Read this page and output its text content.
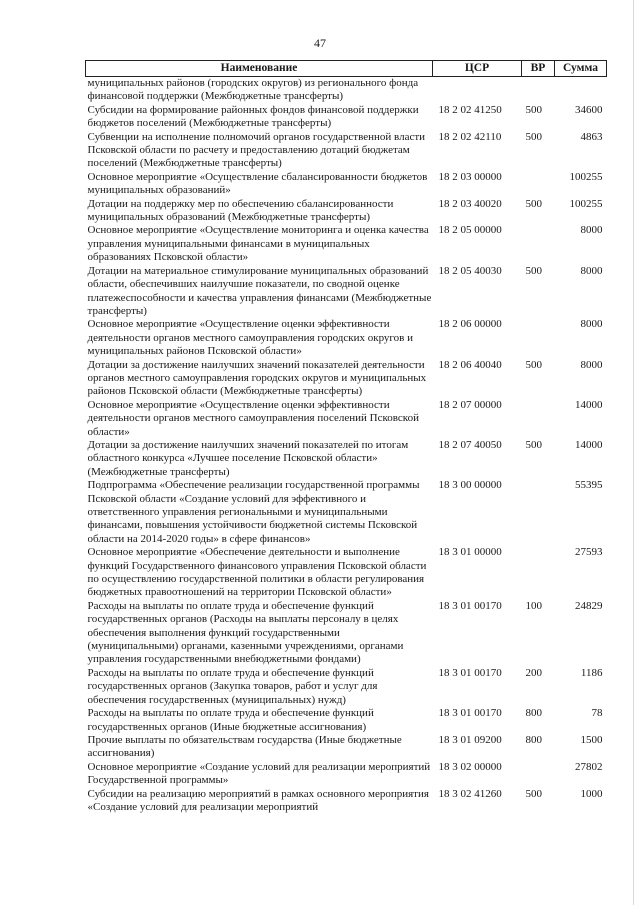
47
Наименование	ЦСР	ВР	Сумма
муниципальных районов (городских округов) из регионального фонда финансовой поддержки (Межбюджетные трансферты)			
Субсидии на формирование районных фондов финансовой поддержки бюджетов поселений (Межбюджетные трансферты)	18 2 02 41250	500	34600
Субвенции на исполнение полномочий органов государственной власти Псковской области по расчету и предоставлению дотаций бюджетам поселений (Межбюджетные трансферты)	18 2 02 42110	500	4863
Основное мероприятие «Осуществление сбалансированности бюджетов муниципальных образований»	18 2 03 00000		100255
Дотации на поддержку мер по обеспечению сбалансированности муниципальных образований (Межбюджетные трансферты)	18 2 03 40020	500	100255
Основное мероприятие «Осуществление мониторинга и оценка качества управления муниципальными финансами в муниципальных образованиях Псковской области»	18 2 05 00000		8000
Дотации на материальное стимулирование муниципальных образований области, обеспечивших наилучшие показатели, по сводной оценке платежеспособности и качества управления финансами (Межбюджетные трансферты)	18 2 05 40030	500	8000
Основное мероприятие «Осуществление оценки эффективности деятельности органов местного самоуправления городских округов и муниципальных районов Псковской области»	18 2 06 00000		8000
Дотации за достижение наилучших значений показателей деятельности органов местного самоуправления городских округов и муниципальных районов Псковской области (Межбюджетные трансферты)	18 2 06 40040	500	8000
Основное мероприятие «Осуществление оценки эффективности деятельности органов местного самоуправления поселений Псковской области»	18 2 07 00000		14000
Дотации за достижение наилучших значений показателей по итогам областного конкурса «Лучшее поселение Псковской области» (Межбюджетные трансферты)	18 2 07 40050	500	14000
Подпрограмма «Обеспечение реализации государственной программы Псковской области «Создание условий для эффективного и ответственного управления региональными и муниципальными финансами, повышения устойчивости бюджетной системы Псковской области на 2014-2020 годы» в сфере финансов»	18 3 00 00000		55395
Основное мероприятие «Обеспечение деятельности и выполнение функций Государственного финансового управления Псковской области по осуществлению государственной политики в области регулирования бюджетных правоотношений на территории Псковской области»	18 3 01 00000		27593
Расходы на выплаты по оплате труда и обеспечение функций государственных органов (Расходы на выплаты персоналу в целях обеспечения выполнения функций государственными (муниципальными) органами, казенными учреждениями, органами управления государственными внебюджетными фондами)	18 3 01 00170	100	24829
Расходы на выплаты по оплате труда и обеспечение функций государственных органов (Закупка товаров, работ и услуг для обеспечения государственных (муниципальных) нужд)	18 3 01 00170	200	1186
Расходы на выплаты по оплате труда и обеспечение функций государственных органов (Иные бюджетные ассигнования)	18 3 01 00170	800	78
Прочие выплаты по обязательствам государства (Иные бюджетные ассигнования)	18 3 01 09200	800	1500
Основное мероприятие «Создание условий для реализации мероприятий Государственной программы»	18 3 02 00000		27802
Субсидии на реализацию мероприятий в рамках основного мероприятия «Создание условий для реализации мероприятий	18 3 02 41260	500	1000
